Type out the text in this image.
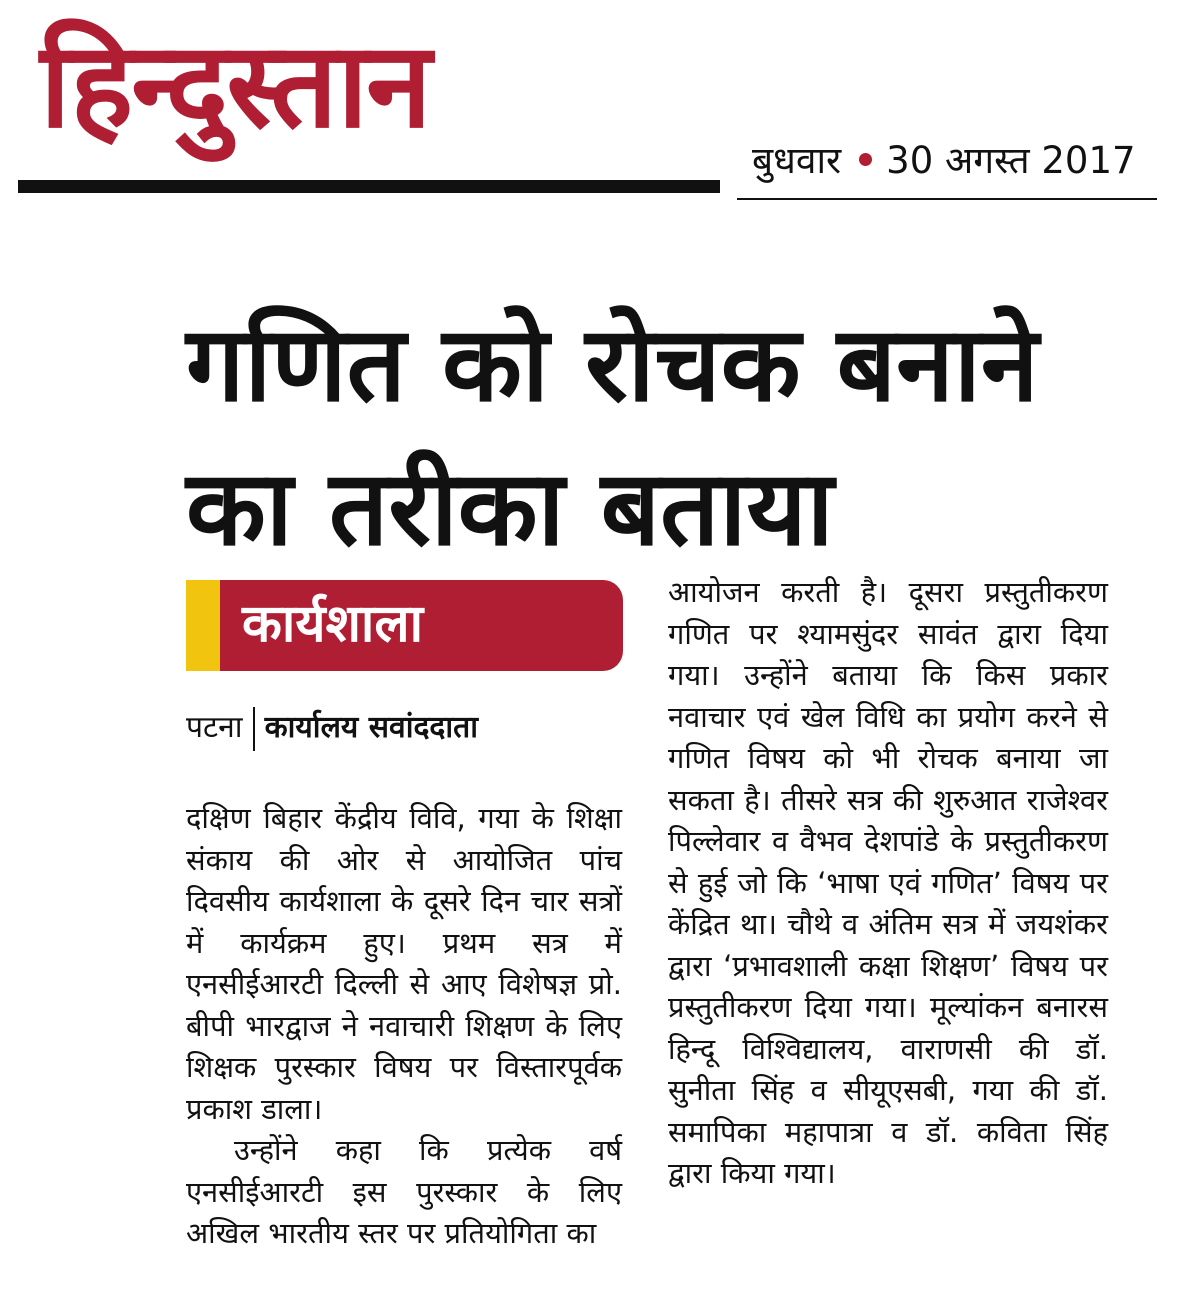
हिन्दुस्तान
बुधवार 30 अगस्त 2017
गणित को रोचक बनाने
का तरीका बताया
कार्यशाला
पटना कार्यालय सवांददाता

दक्षिण बिहार केंद्रीय विवि, गया के शिक्षा संकाय की ओर से आयोजित पांच दिवसीय कार्यशाला के दूसरे दिन चार सत्रों में कार्यक्रम हुए। प्रथम सत्र में एनसीईआरटी दिल्ली से आए विशेषज्ञ प्रो. बीपी भारद्वाज ने नवाचारी शिक्षण के लिए शिक्षक पुरस्कार विषय पर विस्तारपूर्वक प्रकाश डाला।

उन्होंने कहा कि प्रत्येक वर्ष एनसीईआरटी इस पुरस्कार के लिए अखिल भारतीय स्तर पर प्रतियोगिता का

आयोजन करती है। दूसरा प्रस्तुतीकरण गणित पर श्यामसुंदर सावंत द्वारा दिया गया। उन्होंने बताया कि किस प्रकार नवाचार एवं खेल विधि का प्रयोग करने से गणित विषय को भी रोचक बनाया जा सकता है। तीसरे सत्र की शुरुआत राजेश्वर पिल्लेवार व वैभव देशपांडे के प्रस्तुतीकरण से हुई जो कि ‘भाषा एवं गणित’ विषय पर केंद्रित था। चौथे व अंतिम सत्र में जयशंकर द्वारा ‘प्रभावशाली कक्षा शिक्षण’ विषय पर प्रस्तुतीकरण दिया गया। मूल्यांकन बनारस हिन्दू विश्विद्यालय, वाराणसी की डॉ. सुनीता सिंह व सीयूएसबी, गया की डॉ. समापिका महापात्रा व डॉ. कविता सिंह द्वारा किया गया।
